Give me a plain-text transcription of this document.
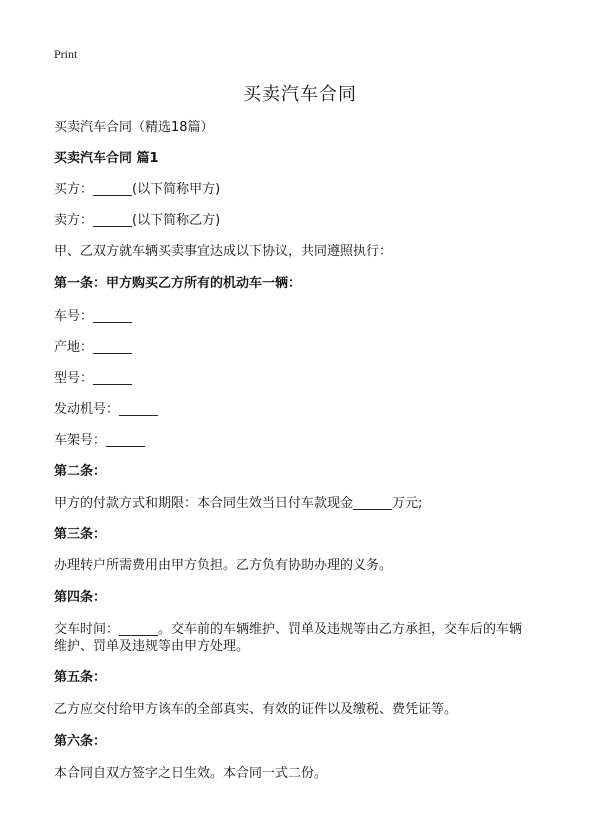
Print
买卖汽车合同
买卖汽车合同（精选18篇）
买卖汽车合同 篇1
买方：______(以下简称甲方)
卖方：______(以下简称乙方)
甲、乙双方就车辆买卖事宜达成以下协议，共同遵照执行：
第一条：甲方购买乙方所有的机动车一辆：
车号：______
产地：______
型号：______
发动机号：______
车架号：______
第二条：
甲方的付款方式和期限：本合同生效当日付车款现金______万元;
第三条：
办理转户所需费用由甲方负担。乙方负有协助办理的义务。
第四条：
交车时间：______。交车前的车辆维护、罚单及违规等由乙方承担，交车后的车辆
维护、罚单及违规等由甲方处理。
第五条：
乙方应交付给甲方该车的全部真实、有效的证件以及缴税、费凭证等。
第六条：
本合同自双方签字之日生效。本合同一式二份。
